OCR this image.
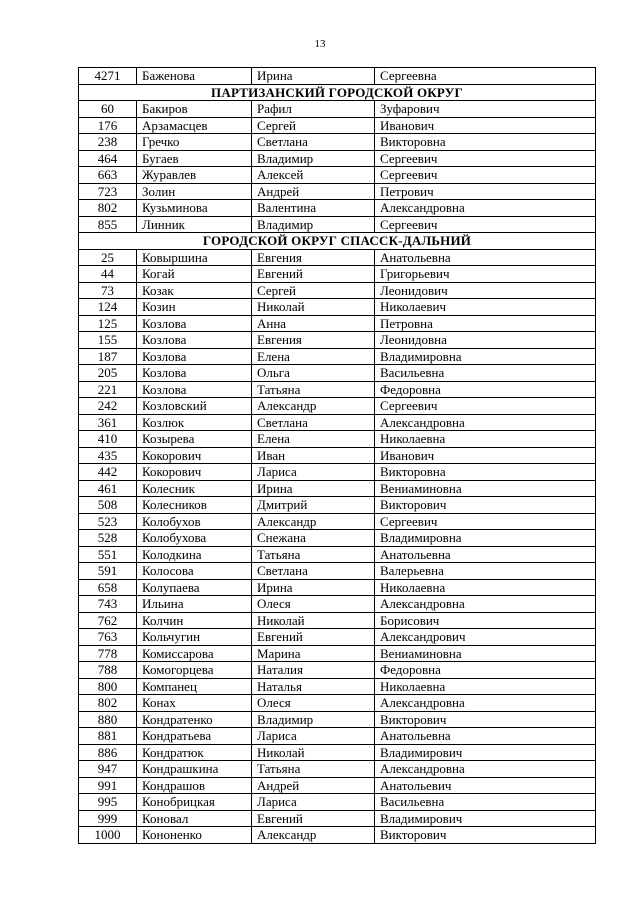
13
4271	Баженова	Ирина	Сергеевна
ПАРТИЗАНСКИЙ ГОРОДСКОЙ ОКРУГ			
60	Бакиров	Рафил	Зуфарович
176	Арзамасцев	Сергей	Иванович
238	Гречко	Светлана	Викторовна
464	Бугаев	Владимир	Сергеевич
663	Журавлев	Алексей	Сергеевич
723	Золин	Андрей	Петрович
802	Кузьминова	Валентина	Александровна
855	Линник	Владимир	Сергеевич
ГОРОДСКОЙ ОКРУГ СПАССК-ДАЛЬНИЙ			
25	Ковыршина	Евгения	Анатольевна
44	Когай	Евгений	Григорьевич
73	Козак	Сергей	Леонидович
124	Козин	Николай	Николаевич
125	Козлова	Анна	Петровна
155	Козлова	Евгения	Леонидовна
187	Козлова	Елена	Владимировна
205	Козлова	Ольга	Васильевна
221	Козлова	Татьяна	Федоровна
242	Козловский	Александр	Сергеевич
361	Козлюк	Светлана	Александровна
410	Козырева	Елена	Николаевна
435	Кокорович	Иван	Иванович
442	Кокорович	Лариса	Викторовна
461	Колесник	Ирина	Вениаминовна
508	Колесников	Дмитрий	Викторович
523	Колобухов	Александр	Сергеевич
528	Колобухова	Снежана	Владимировна
551	Колодкина	Татьяна	Анатольевна
591	Колосова	Светлана	Валерьевна
658	Колупаева	Ирина	Николаевна
743	Ильина	Олеся	Александровна
762	Колчин	Николай	Борисович
763	Кольчугин	Евгений	Александрович
778	Комиссарова	Марина	Вениаминовна
788	Комогорцева	Наталия	Федоровна
800	Компанец	Наталья	Николаевна
802	Конах	Олеся	Александровна
880	Кондратенко	Владимир	Викторович
881	Кондратьева	Лариса	Анатольевна
886	Кондратюк	Николай	Владимирович
947	Кондрашкина	Татьяна	Александровна
991	Кондрашов	Андрей	Анатольевич
995	Конобрицкая	Лариса	Васильевна
999	Коновал	Евгений	Владимирович
1000	Кононенко	Александр	Викторович
